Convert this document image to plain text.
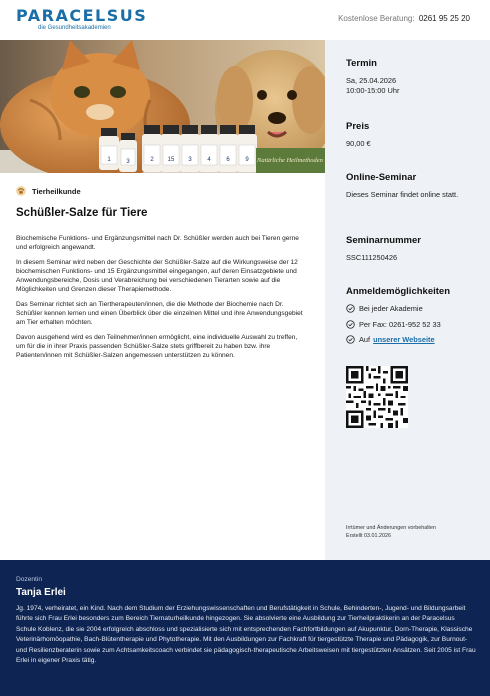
PARACELSUS
die Gesundheitsakademien
Kostenlose Beratung: 0261 95 25 20
1	3	2 15 3	4	6	9 Natürliche Heilmethoden
Tierheilkunde
Schüßler-Salze für Tiere

Biochemische Funktions- und Ergänzungsmittel nach Dr. Schüßler werden auch bei Tieren gerne und erfolgreich angewandt.

In diesem Seminar wird neben der Geschichte der Schüßler-Salze auf die Wirkungsweise der 12 biochemischen Funktions- und 15 Ergänzungsmittel eingegangen, auf deren Einsatzgebiete und Anwendungsbereiche, Dosis und Verabreichung bei verschiedenen Tierarten sowie auf die Möglichkeiten und Grenzen dieser Therapiemethode.

Das Seminar richtet sich an Tiertherapeuten/innen, die die Methode der Biochemie nach Dr. Schüßler kennen lernen und einen Überblick über die einzelnen Mittel und ihre Anwendungsgebiet am Tier erhalten möchten.

Davon ausgehend wird es den Teilnehmer/innen ermöglicht, eine individuelle Auswahl zu treffen, um für die in ihrer Praxis passenden Schüßler-Salze stets griffbereit zu haben bzw. ihre Patienten/innen mit Schüßler-Salzen angemessen unterstützen zu können.

Termin
Sa, 25.04.2026
10:00-15:00 Uhr
Preis
90,00 €
Online-Seminar
Dieses Seminar findet online statt.
Seminarnummer
SSC111250426
Anmeldemöglichkeiten
Bei jeder Akademie
Per Fax: 0261-952 52 33
Auf unserer Webseite
Irrtümer und Änderungen vorbehalten
Erstellt 03.01.2026
Dozentin
Tanja Erlei
Jg. 1974, verheiratet, ein Kind. Nach dem Studium der Erziehungswissenschaften und Berufstätigkeit in Schule, Behinderten-, Jugend- und Bildungsarbeit führte sich Frau Erlei besonders zum Bereich Tiernaturheilkunde hingezogen. Sie absolvierte eine Ausbildung zur Tierheilpraktikerin an der Paracelsus Schule Koblenz, die sie 2004 erfolgreich abschloss und spezialisierte sich mit entsprechenden Fachfortbildungen auf Akupunktur, Dorn-Therapie, Klassische Veterinärhomöopathie, Bach-Blütentherapie und Phytotherapie. Mit den Ausbildungen zur Fachkraft für tiergestützte Therapie und Pädagogik, zur Burnout- und Resilienzberaterin sowie zum Achtsamkeitscoach verbindet sie pädagogisch-therapeutische Arbeitsweisen mit tiergestützten Ansätzen. Seit 2005 ist Frau Erlei in eigener Praxis tätig.
